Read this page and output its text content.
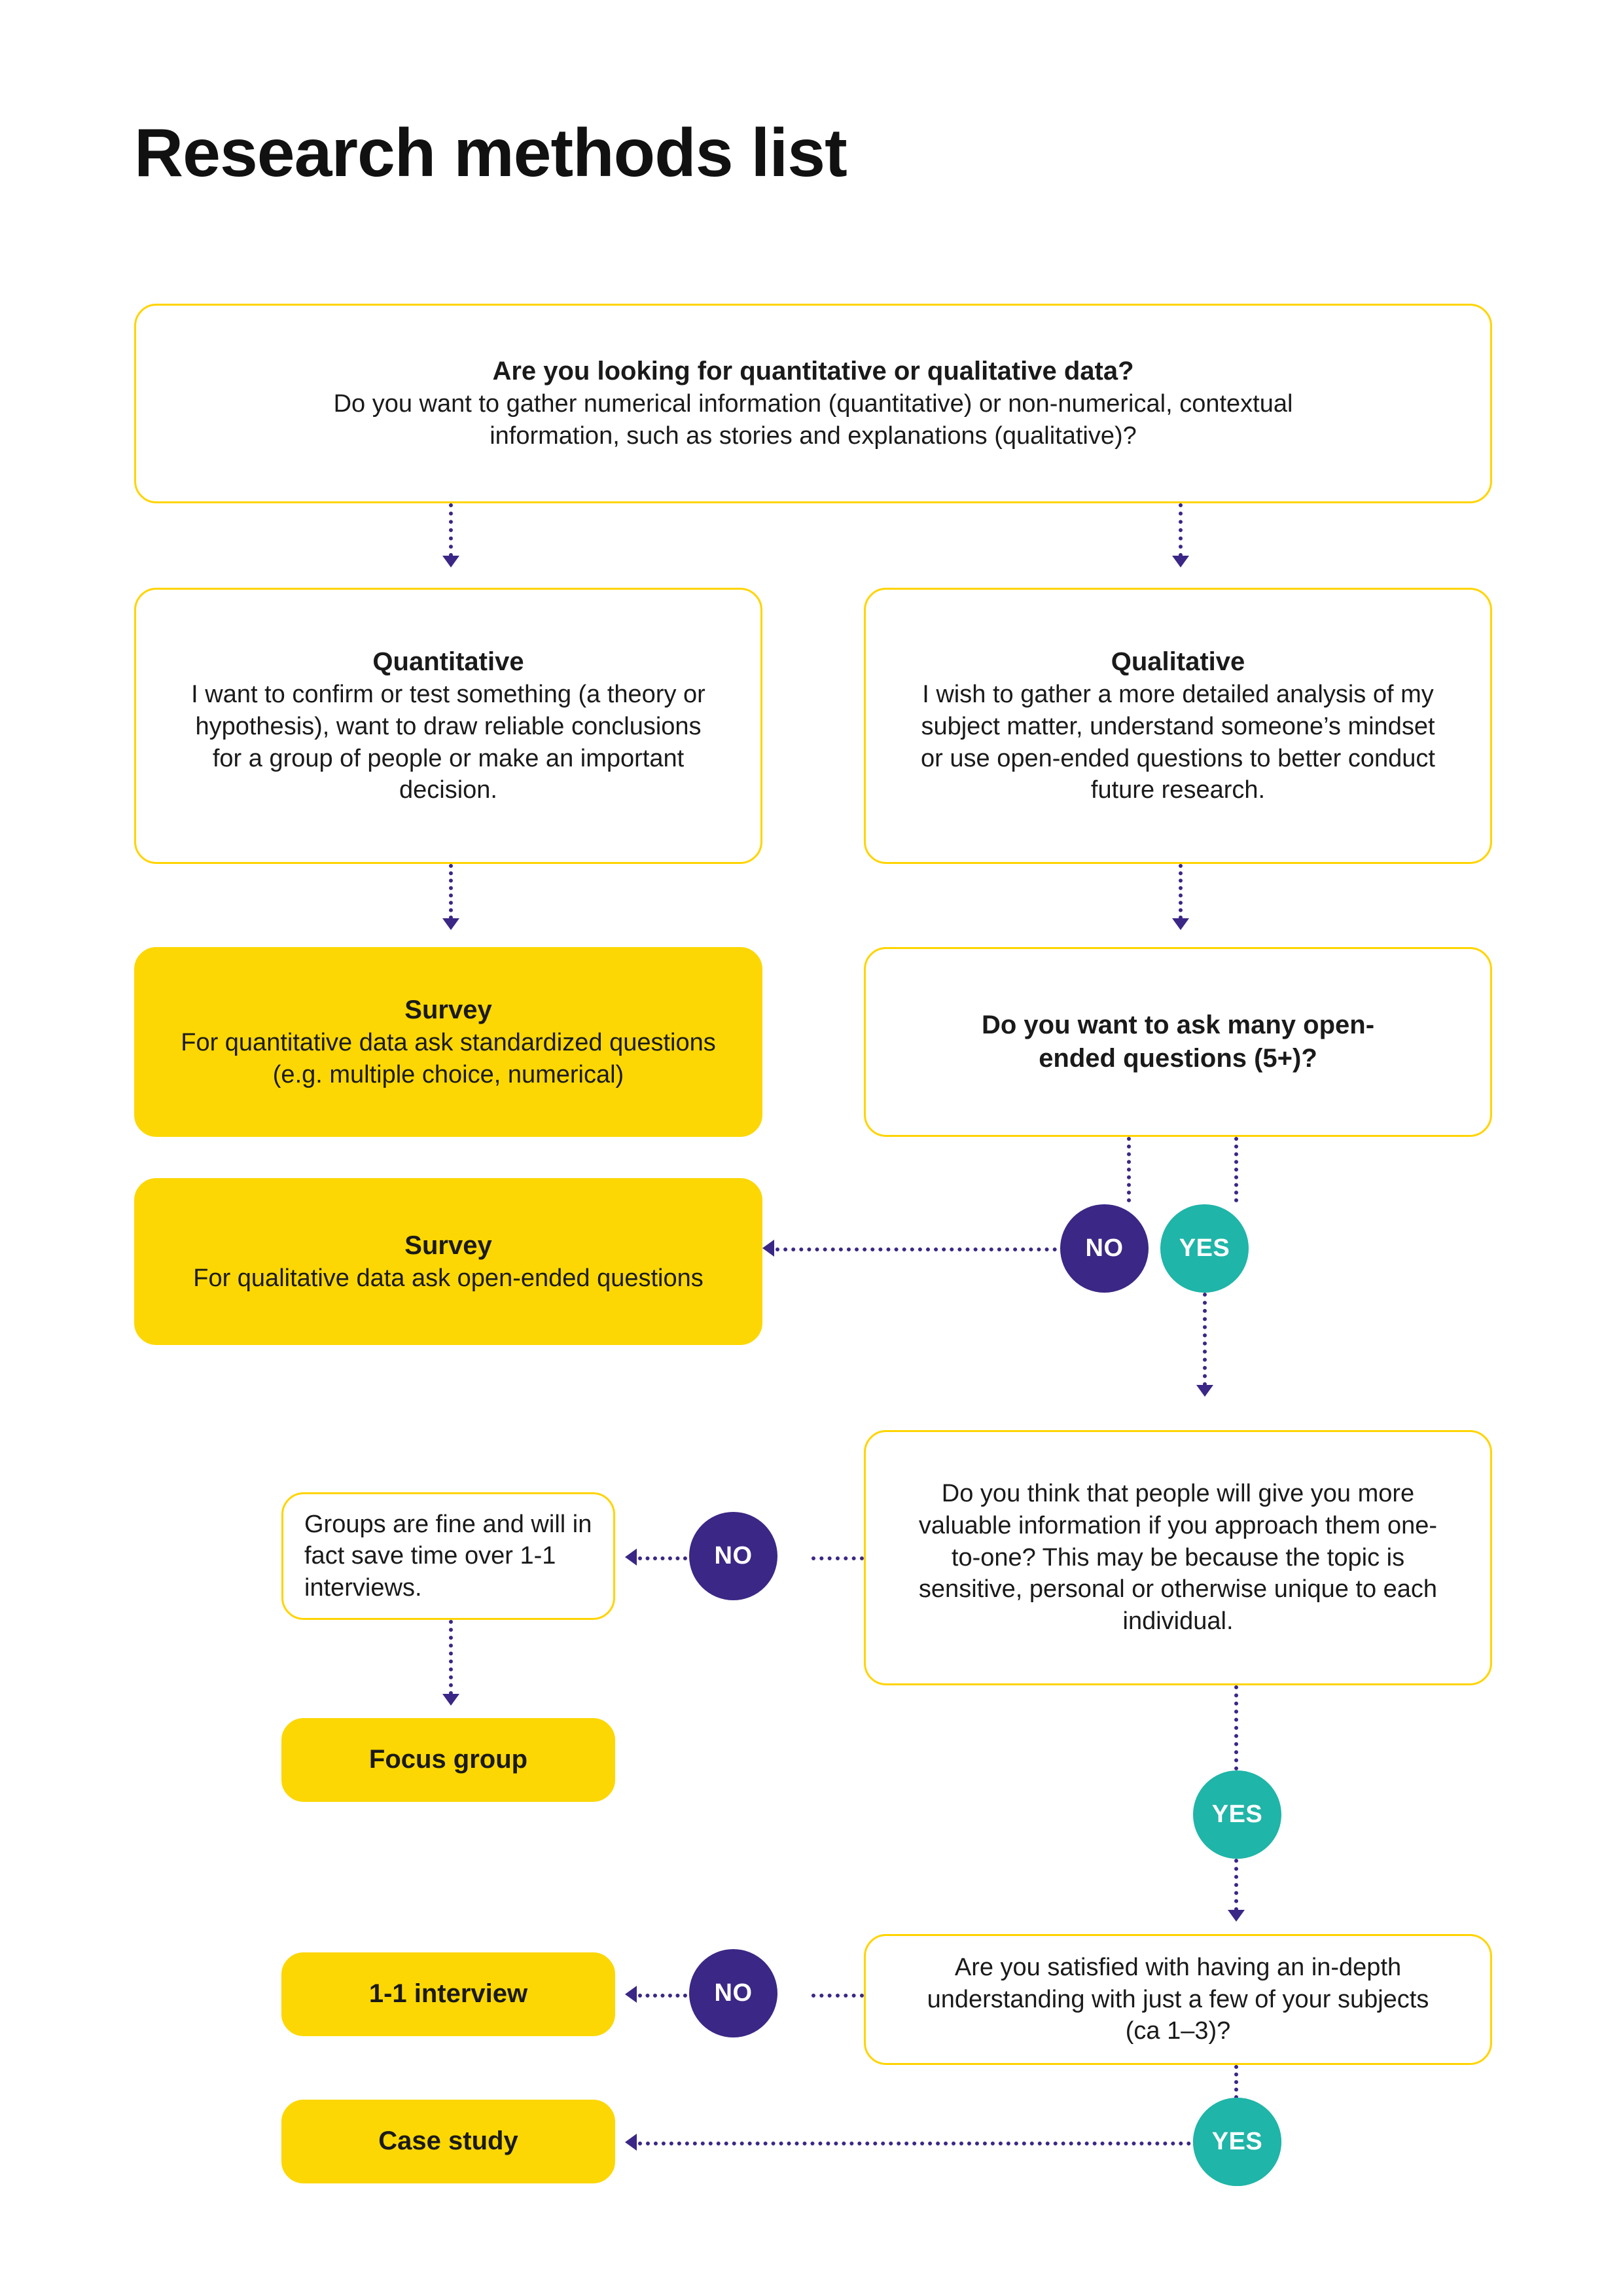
Research methods list
Are you looking for quantitative or qualitative data?
Do you want to gather numerical information (quantitative) or non-numerical, contextual information, such as stories and explanations (qualitative)?
Quantitative
I want to confirm or test something (a theory or hypothesis), want to draw reliable conclusions for a group of people or make an important decision.
Qualitative
I wish to gather a more detailed analysis of my subject matter, understand someone’s mindset or use open-ended questions to better conduct future research.
Survey
For quantitative data ask standardized questions (e.g. multiple choice, numerical)
Do you want to ask many open-ended questions (5+)?
Survey
For qualitative data ask open-ended questions
NO YES
Do you think that people will give you more valuable information if you approach them one-to-one? This may be because the topic is sensitive, personal or otherwise unique to each individual.
NO
Groups are fine and will in fact save time over 1-1 interviews.
Focus group
YES
Are you satisfied with having an in-depth understanding with just a few of your subjects (ca 1–3)?
NO
1-1 interview
YES
Case study
